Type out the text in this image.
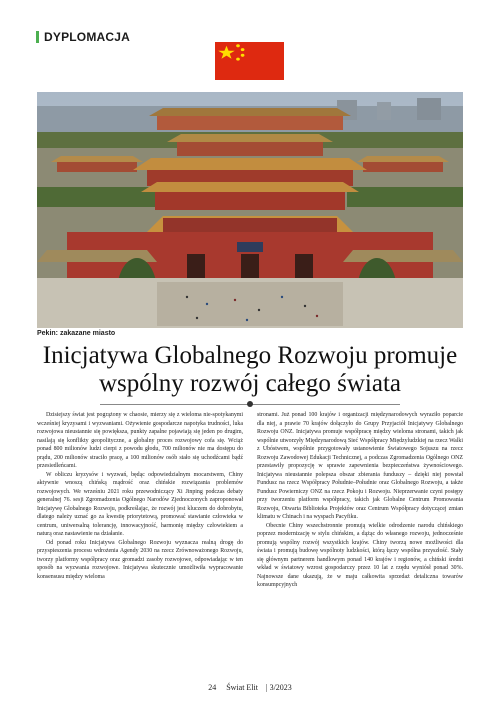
DYPLOMACJA
Pekin: zakazane miasto
Inicjatywa Globalnego Rozwoju promuje wspólny rozwój całego świata

Dzisiejszy świat jest pogrążony w chaosie, mierzy się z wieloma nie-spotykanymi wcześniej kryzysami i wyzwaniami. Ożywienie gospodarcze napotyka trudności, luka rozwojowa nieustannie się powiększa, punkty zapalne pojawiają się jeden po drugim, nasilają się konflikty geopolityczne, a globalny proces rozwojowy cofa się. Wciąż ponad 800 milionów ludzi cierpi z powodu głodu, 700 milionów nie ma dostępu do prądu, 200 milionów straciło pracę, a 100 milionów osób stało się uchodźcami bądź przesiedleńcami.

W obliczu kryzysów i wyzwań, będąc odpowiedzialnym mocarstwem, Chiny aktywnie wnoszą chińską mądrość oraz chińskie rozwiązania problemów rozwojowych. We wrześniu 2021 roku przewodniczący Xi Jinping podczas debaty generalnej 76. sesji Zgromadzenia Ogólnego Narodów Zjednoczonych zaproponował Inicjatywę Globalnego Rozwoju, podkreślając, że rozwój jest kluczem do dobrobytu, dlatego należy uznać go za kwestię priorytetową, promować stawianie człowieka w centrum, uniwersalną tolerancję, innowacyjność, harmonię między człowiekiem a naturą oraz nastawienie na działanie.

Od ponad roku Inicjatywa Globalnego Rozwoju wyznacza realną drogę do przyspieszenia procesu wdrożenia Agendy 2030 na rzecz Zrównoważonego Rozwoju, tworzy platformy współpracy oraz gromadzi zasoby rozwojowe, odpowiadając w ten sposób na wyzwania rozwojowe. Inicjatywa skutecznie umożliwiła wypracowanie konsensusu między wieloma

stronami. Już ponad 100 krajów i organizacji międzynarodowych wyraziło poparcie dla niej, a prawie 70 krajów dołączyło do Grupy Przyjaciół Inicjatywy Globalnego Rozwoju ONZ. Inicjatywa promuje współpracę między wieloma stronami, takich jak wspólnie utworzyły Międzynarodową Sieć Współpracy Międzyludzkiej na rzecz Walki z Ubóstwem, wspólnie przygotowały ustanowienie Światowego Sojuszu na rzecz Rozwoju Zawodowej Edukacji Technicznej, a podczas Zgromadzenia Ogólnego ONZ przestawiły propozycję w sprawie zapewnienia bezpieczeństwa żywnościowego. Inicjatywa nieustannie polepsza obszar zbierania funduszy – dzięki niej powstał Fundusz na rzecz Współpracy Południe–Południe oraz Globalnego Rozwoju, a także Fundusz Powierniczy ONZ na rzecz Pokoju i Rozwoju. Nieprzerwanie czyni postępy przy tworzeniu platform współpracy, takich jak Globalne Centrum Promowania Rozwoju, Otwarta Biblioteka Projektów oraz Centrum Współpracy dotyczącej zmian klimatu w Chinach i na wyspach Pacyfiku.

Obecnie Chiny wszechstronnie promują wielkie odrodzenie narodu chińskiego poprzez modernizację w stylu chińskim, a dążąc do własnego rozwoju, jednocześnie promują wspólny rozwój wszystkich krajów. Chiny tworzą nowe możliwości dla świata i promują budowę wspólnoty ludzkości, którą łączy wspólna przyszłość. Stały się głównym partnerem handlowym ponad 140 krajów i regionów, a chiński średni wkład w światowy wzrost gospodarczy przez 10 lat z rzędu wyniósł ponad 30%. Najnowsze dane ukazują, że w maju całkowita sprzedaż detaliczna towarów konsumpcyjnych

24 Świat Elit | 3/2023
